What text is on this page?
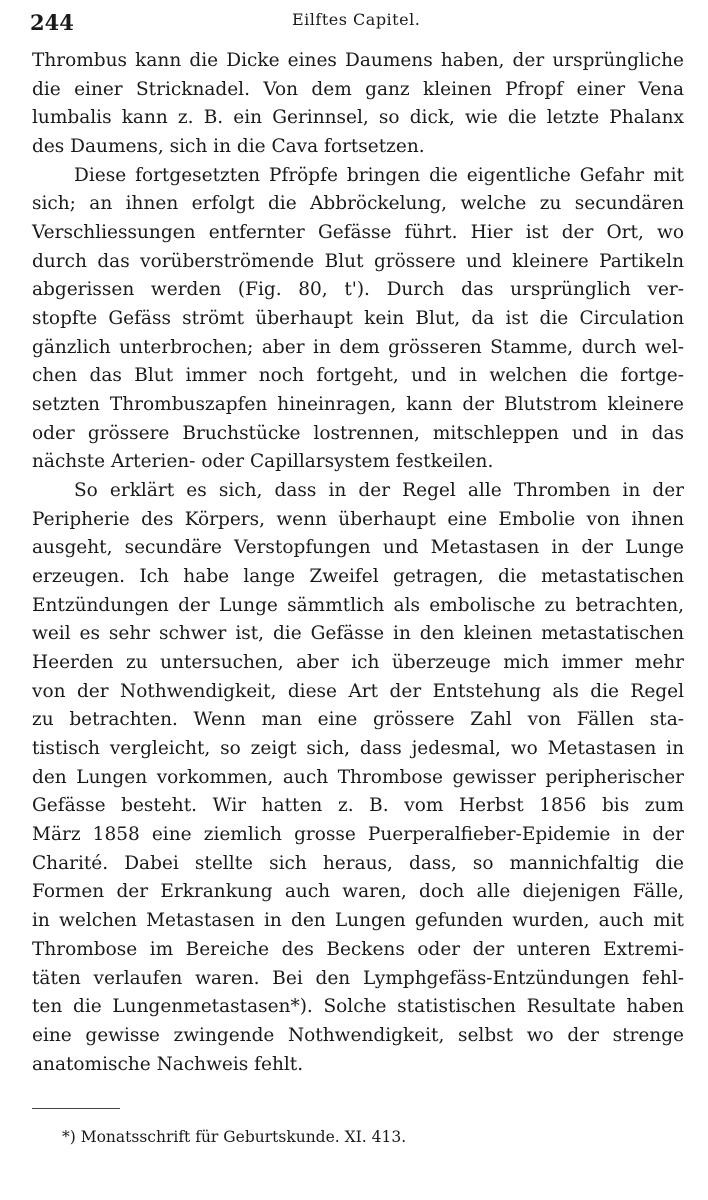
244	Eilftes Capitel.
Thrombus kann die Dicke eines Daumens haben, der ursprüngliche
die einer Stricknadel. Von dem ganz kleinen Pfropf einer Vena
lumbalis kann z. B. ein Gerinnsel, so dick, wie die letzte Phalanx
des Daumens, sich in die Cava fortsetzen.
Diese fortgesetzten Pfröpfe bringen die eigentliche Gefahr mit
sich; an ihnen erfolgt die Abbröckelung, welche zu secundären
Verschliessungen entfernter Gefässe führt. Hier ist der Ort, wo
durch das vorüberströmende Blut grössere und kleinere Partikeln
abgerissen werden (Fig. 80, t'). Durch das ursprünglich ver-
stopfte Gefäss strömt überhaupt kein Blut, da ist die Circulation
gänzlich unterbrochen; aber in dem grösseren Stamme, durch wel-
chen das Blut immer noch fortgeht, und in welchen die fortge-
setzten Thrombuszapfen hineinragen, kann der Blutstrom kleinere
oder grössere Bruchstücke lostrennen, mitschleppen und in das
nächste Arterien- oder Capillarsystem festkeilen.
So erklärt es sich, dass in der Regel alle Thromben in der
Peripherie des Körpers, wenn überhaupt eine Embolie von ihnen
ausgeht, secundäre Verstopfungen und Metastasen in der Lunge
erzeugen. Ich habe lange Zweifel getragen, die metastatischen
Entzündungen der Lunge sämmtlich als embolische zu betrachten,
weil es sehr schwer ist, die Gefässe in den kleinen metastatischen
Heerden zu untersuchen, aber ich überzeuge mich immer mehr
von der Nothwendigkeit, diese Art der Entstehung als die Regel
zu betrachten. Wenn man eine grössere Zahl von Fällen sta-
tistisch vergleicht, so zeigt sich, dass jedesmal, wo Metastasen in
den Lungen vorkommen, auch Thrombose gewisser peripherischer
Gefässe besteht. Wir hatten z. B. vom Herbst 1856 bis zum
März 1858 eine ziemlich grosse Puerperalfieber-Epidemie in der
Charité. Dabei stellte sich heraus, dass, so mannichfaltig die
Formen der Erkrankung auch waren, doch alle diejenigen Fälle,
in welchen Metastasen in den Lungen gefunden wurden, auch mit
Thrombose im Bereiche des Beckens oder der unteren Extremi-
täten verlaufen waren. Bei den Lymphgefäss-Entzündungen fehl-
ten die Lungenmetastasen*). Solche statistischen Resultate haben
eine gewisse zwingende Nothwendigkeit, selbst wo der strenge
anatomische Nachweis fehlt.
*) Monatsschrift für Geburtskunde. XI. 413.
